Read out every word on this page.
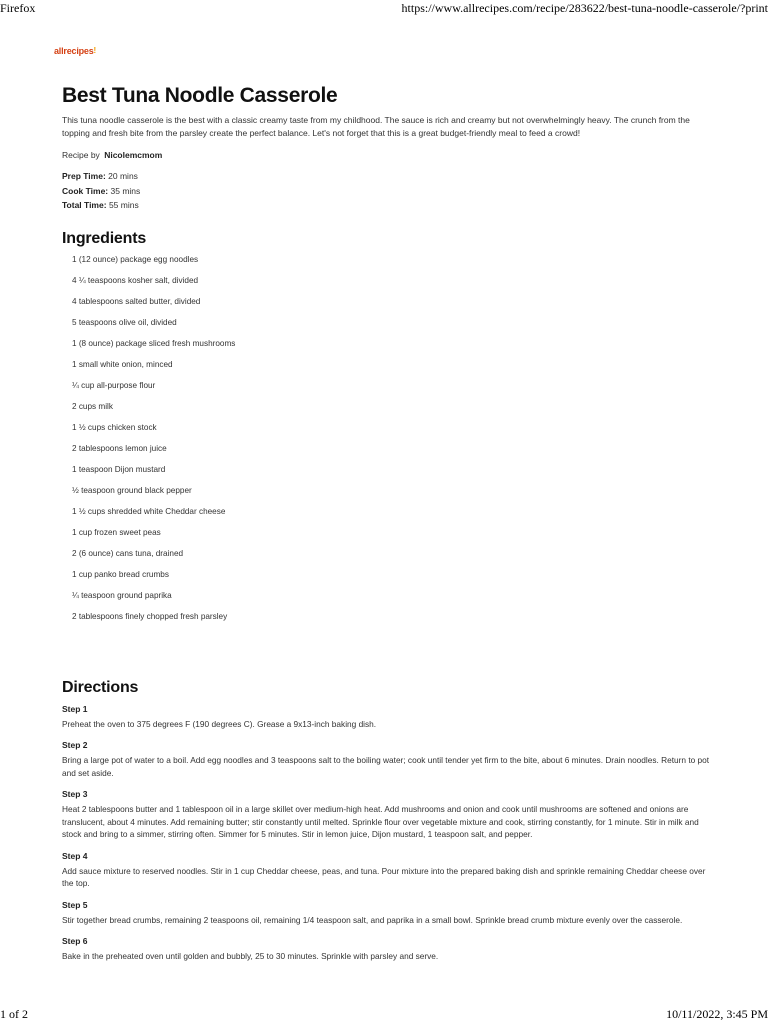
Firefox	https://www.allrecipes.com/recipe/283622/best-tuna-noodle-casserole/?print
allrecipes!
Best Tuna Noodle Casserole

This tuna noodle casserole is the best with a classic creamy taste from my childhood. The sauce is rich and creamy but not overwhelmingly heavy. The crunch from the topping and fresh bite from the parsley create the perfect balance. Let's not forget that this is a great budget-friendly meal to feed a crowd!

Recipe by Nicolemcmom
Prep Time: 20 mins
Cook Time: 35 mins
Total Time: 55 mins
Ingredients
1 (12 ounce) package egg noodles
4 ¼ teaspoons kosher salt, divided
4 tablespoons salted butter, divided
5 teaspoons olive oil, divided
1 (8 ounce) package sliced fresh mushrooms
1 small white onion, minced
¼ cup all-purpose flour
2 cups milk
1 ½ cups chicken stock
2 tablespoons lemon juice
1 teaspoon Dijon mustard
½ teaspoon ground black pepper
1 ½ cups shredded white Cheddar cheese
1 cup frozen sweet peas
2 (6 ounce) cans tuna, drained
1 cup panko bread crumbs
¼ teaspoon ground paprika
2 tablespoons finely chopped fresh parsley
Directions
Step 1
Preheat the oven to 375 degrees F (190 degrees C). Grease a 9x13-inch baking dish.
Step 2
Bring a large pot of water to a boil. Add egg noodles and 3 teaspoons salt to the boiling water; cook until tender yet firm to the bite, about 6 minutes. Drain noodles. Return to pot and set aside.
Step 3
Heat 2 tablespoons butter and 1 tablespoon oil in a large skillet over medium-high heat. Add mushrooms and onion and cook until mushrooms are softened and onions are translucent, about 4 minutes. Add remaining butter; stir constantly until melted. Sprinkle flour over vegetable mixture and cook, stirring constantly, for 1 minute. Stir in milk and stock and bring to a simmer, stirring often. Simmer for 5 minutes. Stir in lemon juice, Dijon mustard, 1 teaspoon salt, and pepper.
Step 4
Add sauce mixture to reserved noodles. Stir in 1 cup Cheddar cheese, peas, and tuna. Pour mixture into the prepared baking dish and sprinkle remaining Cheddar cheese over the top.
Step 5
Stir together bread crumbs, remaining 2 teaspoons oil, remaining 1/4 teaspoon salt, and paprika in a small bowl. Sprinkle bread crumb mixture evenly over the casserole.
Step 6
Bake in the preheated oven until golden and bubbly, 25 to 30 minutes. Sprinkle with parsley and serve.
1 of 2	10/11/2022, 3:45 PM
